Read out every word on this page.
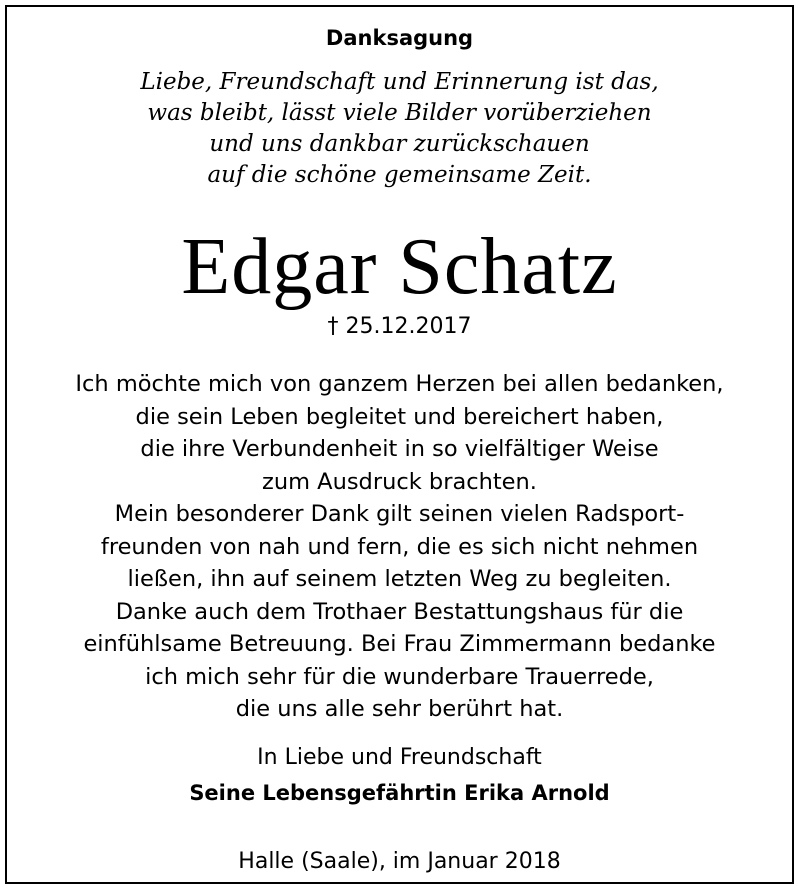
Danksagung
Liebe, Freundschaft und Erinnerung ist das,
was bleibt, lässt viele Bilder vorüberziehen
und uns dankbar zurückschauen
auf die schöne gemeinsame Zeit.
Edgar Schatz
† 25.12.2017
Ich möchte mich von ganzem Herzen bei allen bedanken,
die sein Leben begleitet und bereichert haben,
die ihre Verbundenheit in so vielfältiger Weise
zum Ausdruck brachten.
Mein besonderer Dank gilt seinen vielen Radsport-
freunden von nah und fern, die es sich nicht nehmen
ließen, ihn auf seinem letzten Weg zu begleiten.
Danke auch dem Trothaer Bestattungshaus für die
einfühlsame Betreuung. Bei Frau Zimmermann bedanke
ich mich sehr für die wunderbare Trauerrede,
die uns alle sehr berührt hat.
In Liebe und Freundschaft
Seine Lebensgefährtin Erika Arnold
Halle (Saale), im Januar 2018
